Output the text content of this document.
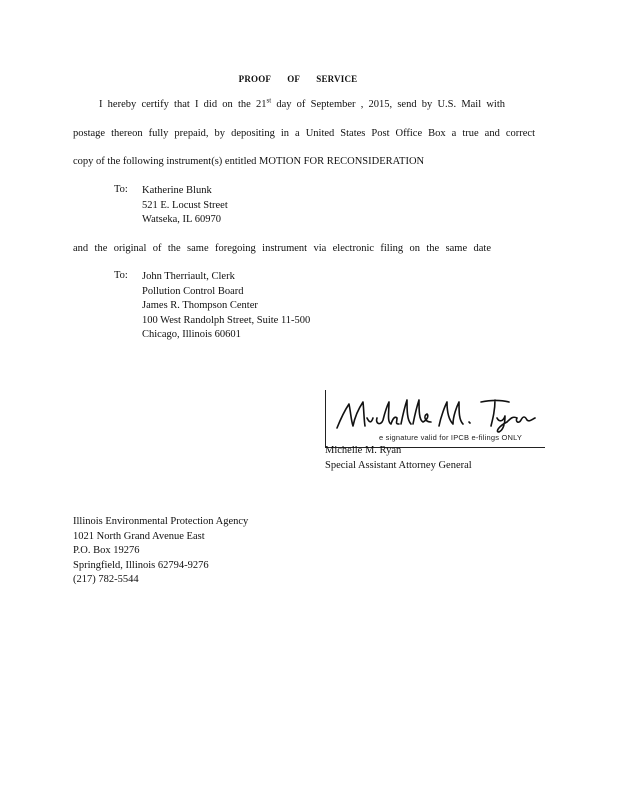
PROOF OF SERVICE
I hereby certify that I did on the 21st day of September , 2015, send by U.S. Mail with
postage thereon fully prepaid, by depositing in a United States Post Office Box a true and correct
copy of the following instrument(s) entitled MOTION FOR RECONSIDERATION
To: Katherine Blunk
521 E. Locust Street
Watseka, IL 60970
and the original of the same foregoing instrument via electronic filing on the same date
To: John Therriault, Clerk
Pollution Control Board
James R. Thompson Center
100 West Randolph Street, Suite 11-500
Chicago, Illinois 60601
e signature valid for IPCB e-filings ONLY
Michelle M. Ryan
Special Assistant Attorney General
Illinois Environmental Protection Agency
1021 North Grand Avenue East
P.O. Box 19276
Springfield, Illinois 62794-9276
(217) 782-5544
